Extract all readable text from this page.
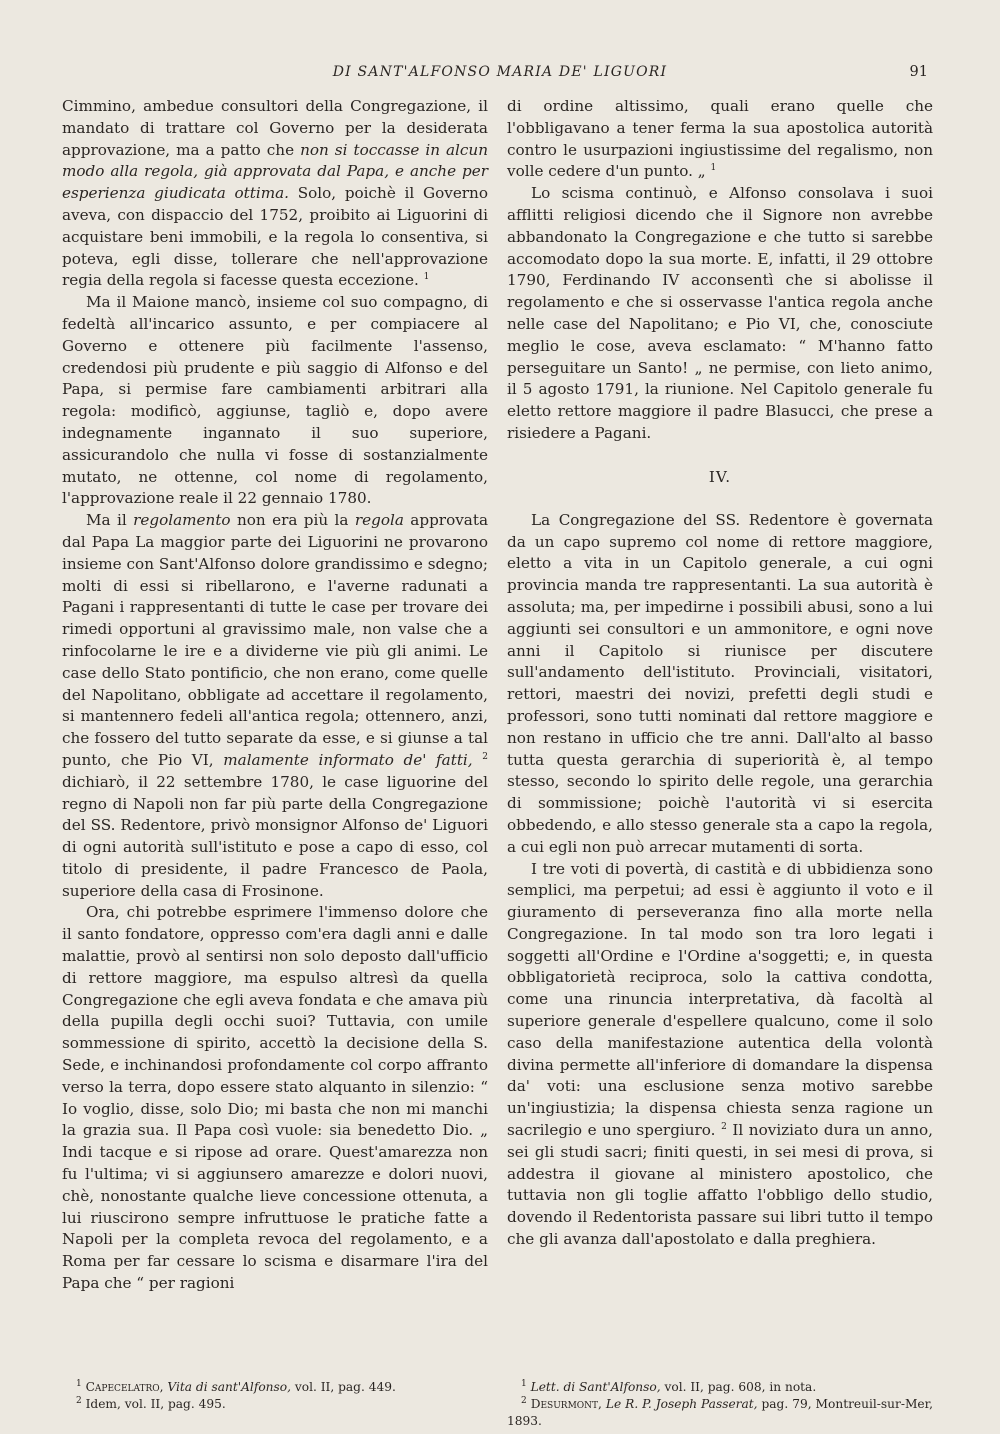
DI SANT'ALFONSO MARIA DE' LIGUORI	91

Cimmino, ambedue consultori della Congregazione, il mandato di trattare col Governo per la desiderata approvazione, ma a patto che non si toccasse in alcun modo alla regola, già approvata dal Papa, e anche per esperienza giudicata ottima. Solo, poichè il Governo aveva, con dispaccio del 1752, proibito ai Liguorini di acquistare beni immobili, e la regola lo consentiva, si poteva, egli disse, tollerare che nell'approvazione regia della regola si facesse questa eccezione. $^1$

Ma il Maione mancò, insieme col suo compagno, di fedeltà all'incarico assunto, e per compiacere al Governo e ottenere più facilmente l'assenso, credendosi più prudente e più saggio di Alfonso e del Papa, si permise fare cambiamenti arbitrari alla regola: modificò, aggiunse, tagliò e, dopo avere indegnamente ingannato il suo superiore, assicurandolo che nulla vi fosse di sostanzialmente mutato, ne ottenne, col nome di regolamento, l'approvazione reale il 22 gennaio 1780.

Ma il regolamento non era più la regola approvata dal Papa La maggior parte dei Liguorini ne provarono insieme con Sant'Alfonso dolore grandissimo e sdegno; molti di essi si ribellarono, e l'averne radunati a Pagani i rappresentanti di tutte le case per trovare dei rimedi opportuni al gravissimo male, non valse che a rinfocolarne le ire e a dividerne vie più gli animi. Le case dello Stato pontificio, che non erano, come quelle del Napolitano, obbligate ad accettare il regolamento, si mantennero fedeli all'antica regola; ottennero, anzi, che fossero del tutto separate da esse, e si giunse a tal punto, che Pio VI, malamente informato de' fatti, $^2$ dichiarò, il 22 settembre 1780, le case liguorine del regno di Napoli non far più parte della Congregazione del SS. Redentore, privò monsignor Alfonso de' Liguori di ogni autorità sull'istituto e pose a capo di esso, col titolo di presidente, il padre Francesco de Paola, superiore della casa di Frosinone.

Ora, chi potrebbe esprimere l'immenso dolore che il santo fondatore, oppresso com'era dagli anni e dalle malattie, provò al sentirsi non solo deposto dall'ufficio di rettore maggiore, ma espulso altresì da quella Congregazione che egli aveva fondata e che amava più della pupilla degli occhi suoi? Tuttavia, con umile sommessione di spirito, accettò la decisione della S. Sede, e inchinandosi profondamente col corpo affranto verso la terra, dopo essere stato alquanto in silenzio: “ Io voglio, disse, solo Dio; mi basta che non mi manchi la grazia sua. Il Papa così vuole: sia benedetto Dio. „ Indi tacque e si ripose ad orare. Quest'amarezza non fu l'ultima; vi si aggiunsero amarezze e dolori nuovi, chè, nonostante qualche lieve concessione ottenuta, a lui riuscirono sempre infruttuose le pratiche fatte a Napoli per la completa revoca del regolamento, e a Roma per far cessare lo scisma e disarmare l'ira del Papa che “ per ragioni

$^1$ Capecelatro, Vita di sant'Alfonso, vol. II, pag. 449.

$^2$ Idem, vol. II, pag. 495.

di ordine altissimo, quali erano quelle che l'obbligavano a tener ferma la sua apostolica autorità contro le usurpazioni ingiustissime del regalismo, non volle cedere d'un punto. „ $^1$

Lo scisma continuò, e Alfonso consolava i suoi afflitti religiosi dicendo che il Signore non avrebbe abbandonato la Congregazione e che tutto si sarebbe accomodato dopo la sua morte. E, infatti, il 29 ottobre 1790, Ferdinando IV acconsentì che si abolisse il regolamento e che si osservasse l'antica regola anche nelle case del Napolitano; e Pio VI, che, conosciute meglio le cose, aveva esclamato: “ M'hanno fatto perseguitare un Santo! „ ne permise, con lieto animo, il 5 agosto 1791, la riunione. Nel Capitolo generale fu eletto rettore maggiore il padre Blasucci, che prese a risiedere a Pagani.

IV.

La Congregazione del SS. Redentore è governata da un capo supremo col nome di rettore maggiore, eletto a vita in un Capitolo generale, a cui ogni provincia manda tre rappresentanti. La sua autorità è assoluta; ma, per impedirne i possibili abusi, sono a lui aggiunti sei consultori e un ammonitore, e ogni nove anni il Capitolo si riunisce per discutere sull'andamento dell'istituto. Provinciali, visitatori, rettori, maestri dei novizi, prefetti degli studi e professori, sono tutti nominati dal rettore maggiore e non restano in ufficio che tre anni. Dall'alto al basso tutta questa gerarchia di superiorità è, al tempo stesso, secondo lo spirito delle regole, una gerarchia di sommissione; poichè l'autorità vi si esercita obbedendo, e allo stesso generale sta a capo la regola, a cui egli non può arrecar mutamenti di sorta.

I tre voti di povertà, di castità e di ubbidienza sono semplici, ma perpetui; ad essi è aggiunto il voto e il giuramento di perseveranza fino alla morte nella Congregazione. In tal modo son tra loro legati i soggetti all'Ordine e l'Ordine a'soggetti; e, in questa obbligatorietà reciproca, solo la cattiva condotta, come una rinuncia interpretativa, dà facoltà al superiore generale d'espellere qualcuno, come il solo caso della manifestazione autentica della volontà divina permette all'inferiore di domandare la dispensa da' voti: una esclusione senza motivo sarebbe un'ingiustizia; la dispensa chiesta senza ragione un sacrilegio e uno spergiuro. $^2$ Il noviziato dura un anno, sei gli studi sacri; finiti questi, in sei mesi di prova, si addestra il giovane al ministero apostolico, che tuttavia non gli toglie affatto l'obbligo dello studio, dovendo il Redentorista passare sui libri tutto il tempo che gli avanza dall'apostolato e dalla preghiera.

$^1$ Lett. di Sant'Alfonso, vol. II, pag. 608, in nota.

$^2$ Desurmont, Le R. P. Joseph Passerat, pag. 79, Montreuil-sur-Mer, 1893.
